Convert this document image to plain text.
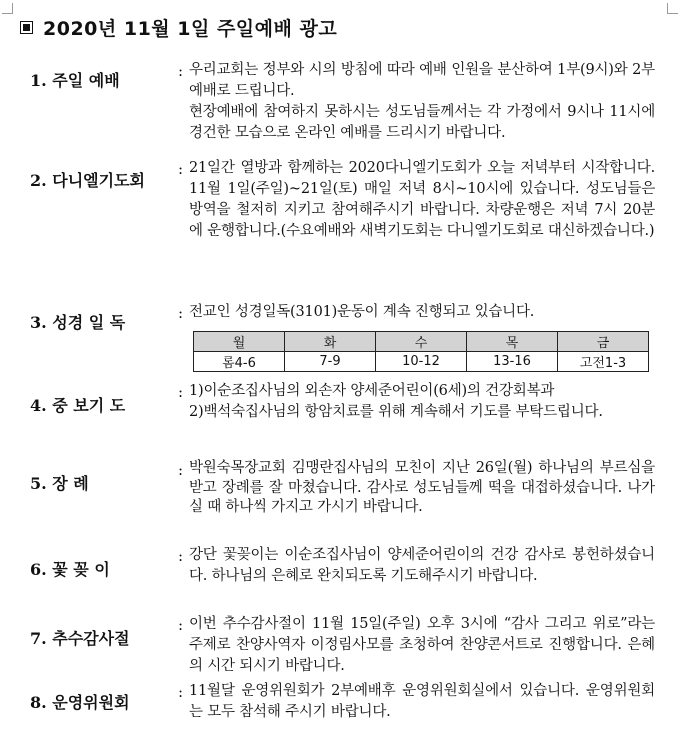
2020년 11월 1일 주일예배 광고
1. 주일 예배	: 우리교회는 정부와 시의 방침에 따라 예배 인원을 분산하여 1부(9시)와 2부 예배로 드립니다.

현장예배에 참여하지 못하시는 성도님들께서는 각 가정에서 9시나 11시에 경건한 모습으로 온라인 예배를 드리시기 바랍니다.

2. 다니엘기도회
: 21일간 열방과 함께하는 2020다니엘기도회가 오늘 저녁부터 시작합니다. 11월 1일(주일)~21일(토) 매일 저녁 8시~10시에 있습니다. 성도님들은 방역을 철저히 지키고 참여해주시기 바랍니다. 차량운행은 저녁 7시 20분에 운행합니다.(수요예배와 새벽기도회는 다니엘기도회로 대신하겠습니다.)

3. 성경 일 독	: 전교인 성경일독(3101)운동이 계속 진행되고 있습니다.

월	화	수	목	금
롬4-6	7-9	10-12	13-16	고전1-3
4. 중 보기 도
: 1)이순조집사님의 외손자 양세준어린이(6세)의 건강회복과

2)백석숙집사님의 항암치료를 위해 계속해서 기도를 부탁드립니다.

5. 장 례
: 박원숙목장교회 김맹란집사님의 모친이 지난 26일(월) 하나님의 부르심을 받고 장례를 잘 마쳤습니다. 감사로 성도님들께 떡을 대접하셨습니다. 나가실 때 하나씩 가지고 가시기 바랍니다.

6. 꽃 꽂 이
: 강단 꽃꽂이는 이순조집사님이 양세준어린이의 건강 감사로 봉헌하셨습니다. 하나님의 은혜로 완치되도록 기도해주시기 바랍니다.

7. 추수감사절
: 이번 추수감사절이 11월 15일(주일) 오후 3시에 “감사 그리고 위로”라는 주제로 찬양사역자 이정림사모를 초청하여 찬양콘서트로 진행합니다. 은혜의 시간 되시기 바랍니다.

8. 운영위원회
: 11월달 운영위원회가 2부예배후 운영위원회실에서 있습니다. 운영위원회는 모두 참석해 주시기 바랍니다.
